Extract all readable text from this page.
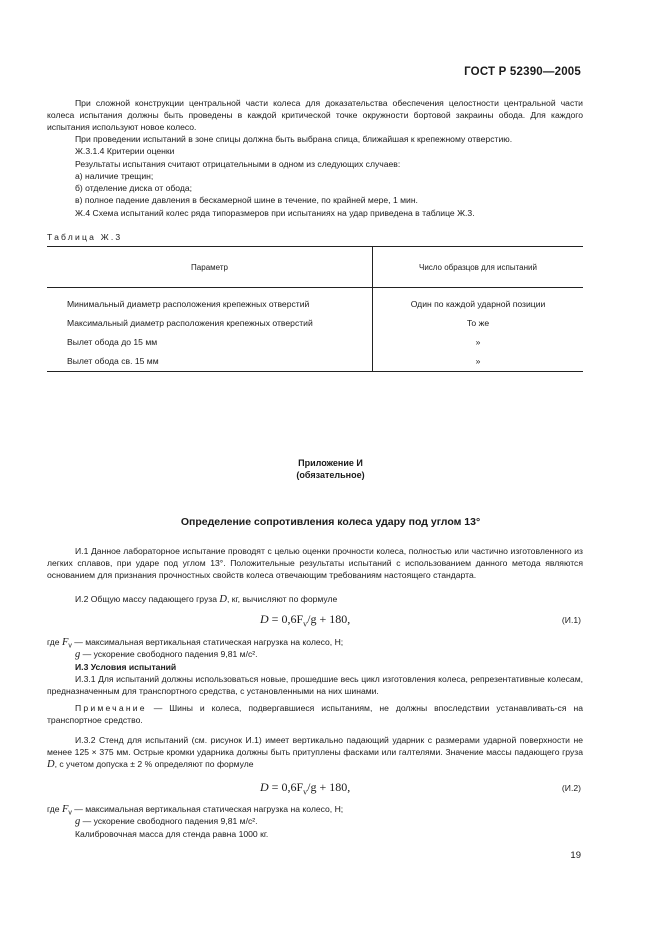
ГОСТ Р 52390—2005

При сложной конструкции центральной части колеса для доказательства обеспечения целостности центральной части колеса испытания должны быть проведены в каждой критической точке окружности бортовой закраины обода. Для каждого испытания используют новое колесо.

При проведении испытаний в зоне спицы должна быть выбрана спица, ближайшая к крепежному отверстию.

Ж.3.1.4 Критерии оценки

Результаты испытания считают отрицательными в одном из следующих случаев:

а) наличие трещин;

б) отделение диска от обода;

в) полное падение давления в бескамерной шине в течение, по крайней мере, 1 мин.

Ж.4 Схема испытаний колес ряда типоразмеров при испытаниях на удар приведена в таблице Ж.3.

Таблица Ж.3
Параметр	Число образцов для испытаний
Минимальный диаметр расположения крепежных отверстий	Один по каждой ударной позиции
Максимальный диаметр расположения крепежных отверстий	То же
Вылет обода до 15 мм	»
Вылет обода св. 15 мм	»
Приложение И
(обязательное)
Определение сопротивления колеса удару под углом 13°

И.1 Данное лабораторное испытание проводят с целью оценки прочности колеса, полностью или частично изготовленного из легких сплавов, при ударе под углом 13°. Положительные результаты испытаний с использованием данного метода являются основанием для признания прочностных свойств колеса отвечающим требованиям настоящего стандарта.

И.2 Общую массу падающего груза D, кг, вычисляют по формуле
$D = 0,6F_v/g + 180$,	(И.1)
где $F_v$ — максимальная вертикальная статическая нагрузка на колесо, Н;
g — ускорение свободного падения 9,81 м/с².

И.3 Условия испытаний

И.3.1 Для испытаний должны использоваться новые, прошедшие весь цикл изготовления колеса, репрезентативные колесам, предназначенным для транспортного средства, с установленными на них шинами.

Примечание — Шины и колеса, подвергавшиеся испытаниям, не должны впоследствии устанавливать-ся на транспортное средство.

И.3.2 Стенд для испытаний (см. рисунок И.1) имеет вертикально падающий ударник с размерами ударной поверхности не менее 125 × 375 мм. Острые кромки ударника должны быть притуплены фасками или галтелями. Значение массы падающего груза D, с учетом допуска ± 2 % определяют по формуле

$D = 0,6F_v/g + 180$,	(И.2)
где $F_v$ — максимальная вертикальная статическая нагрузка на колесо, Н;
g — ускорение свободного падения 9,81 м/с².

Калибровочная масса для стенда равна 1000 кг.

19
